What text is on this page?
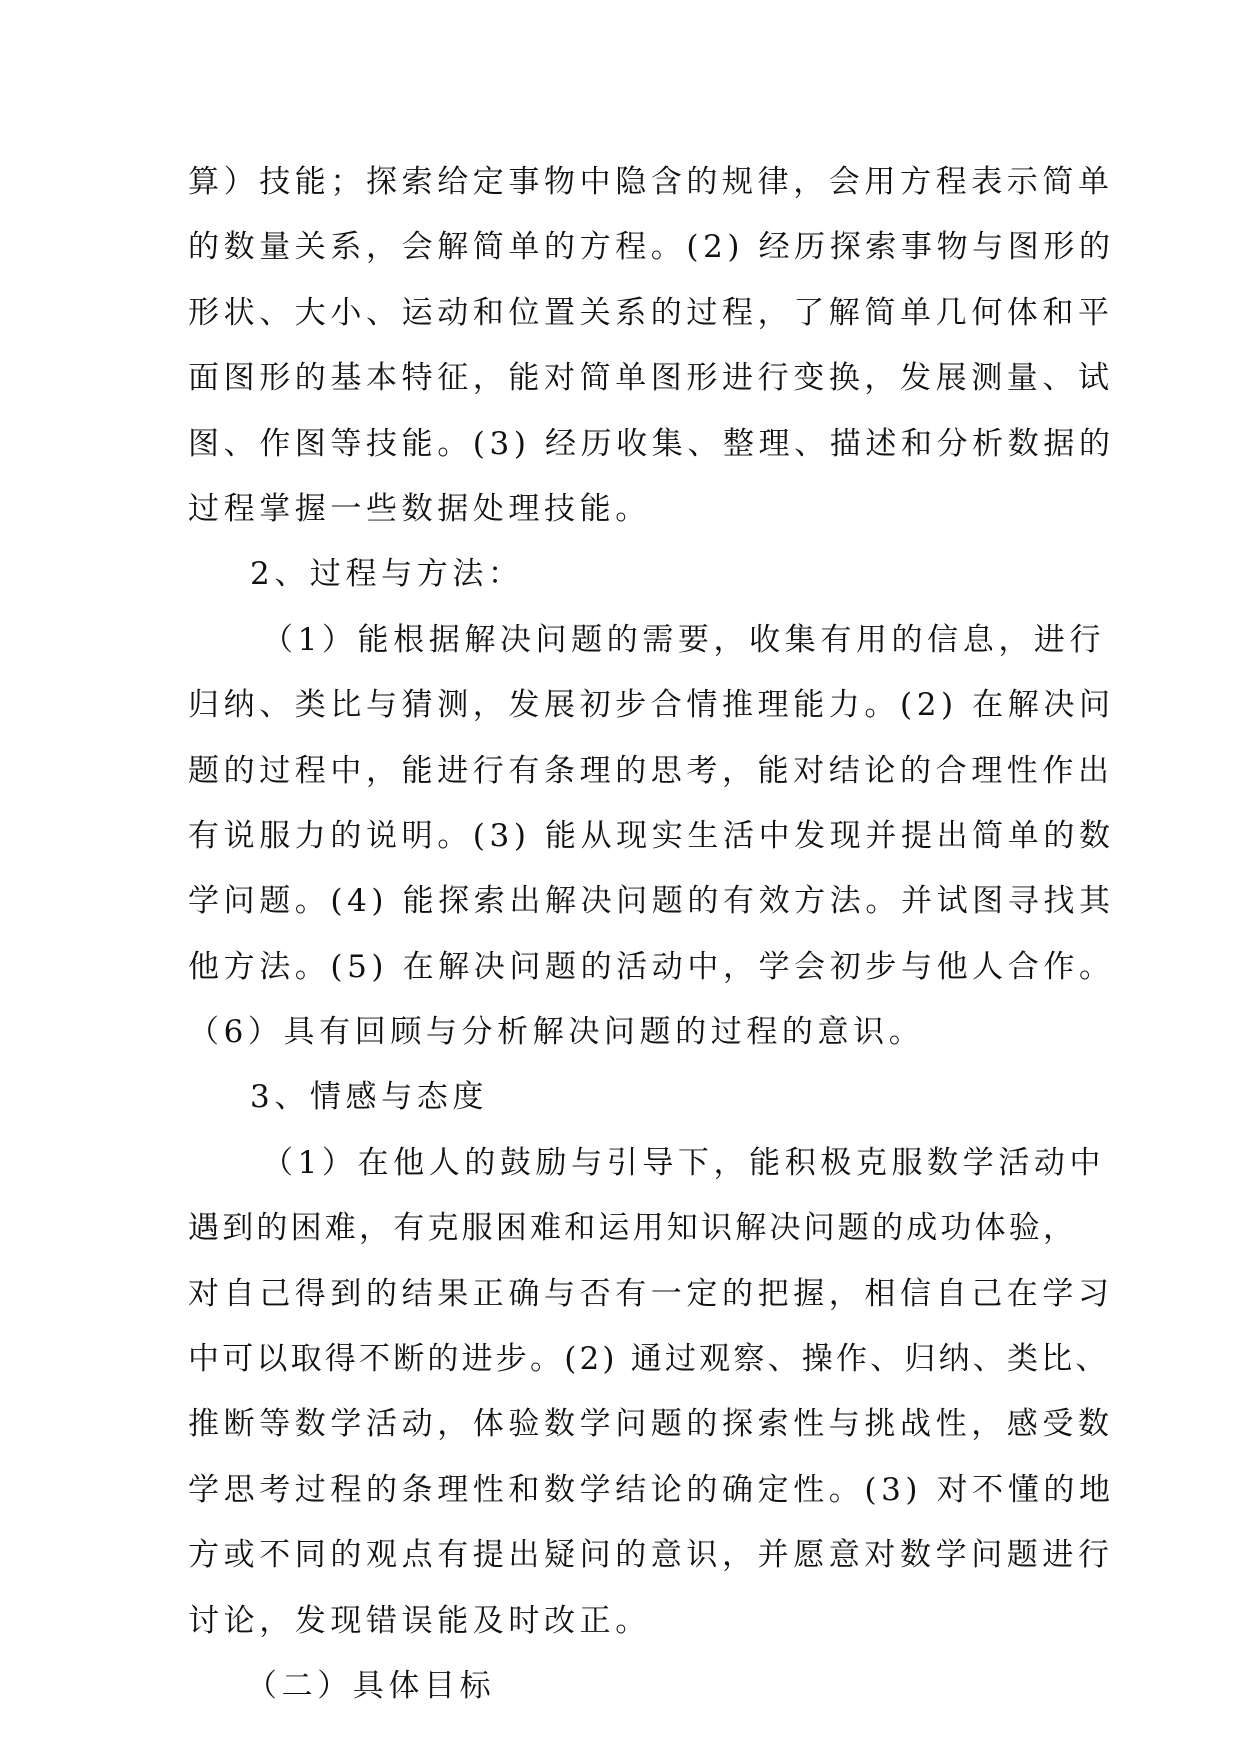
算）技能；探索给定事物中隐含的规律，会用方程表示简单
的数量关系，会解简单的方程。(2) 经历探索事物与图形的
形状、大小、运动和位置关系的过程，了解简单几何体和平
面图形的基本特征，能对简单图形进行变换，发展测量、试
图、作图等技能。(3) 经历收集、整理、描述和分析数据的
过程掌握一些数据处理技能。
2、过程与方法：
（1）能根据解决问题的需要，收集有用的信息，进行
归纳、类比与猜测，发展初步合情推理能力。(2) 在解决问
题的过程中，能进行有条理的思考，能对结论的合理性作出
有说服力的说明。(3) 能从现实生活中发现并提出简单的数
学问题。(4) 能探索出解决问题的有效方法。并试图寻找其
他方法。(5) 在解决问题的活动中，学会初步与他人合作。
（6）具有回顾与分析解决问题的过程的意识。
3、情感与态度
（1）在他人的鼓励与引导下，能积极克服数学活动中
遇到的困难，有克服困难和运用知识解决问题的成功体验，
对自己得到的结果正确与否有一定的把握，相信自己在学习
中可以取得不断的进步。(2) 通过观察、操作、归纳、类比、
推断等数学活动，体验数学问题的探索性与挑战性，感受数
学思考过程的条理性和数学结论的确定性。(3) 对不懂的地
方或不同的观点有提出疑问的意识，并愿意对数学问题进行
讨论，发现错误能及时改正。
（二）具体目标
